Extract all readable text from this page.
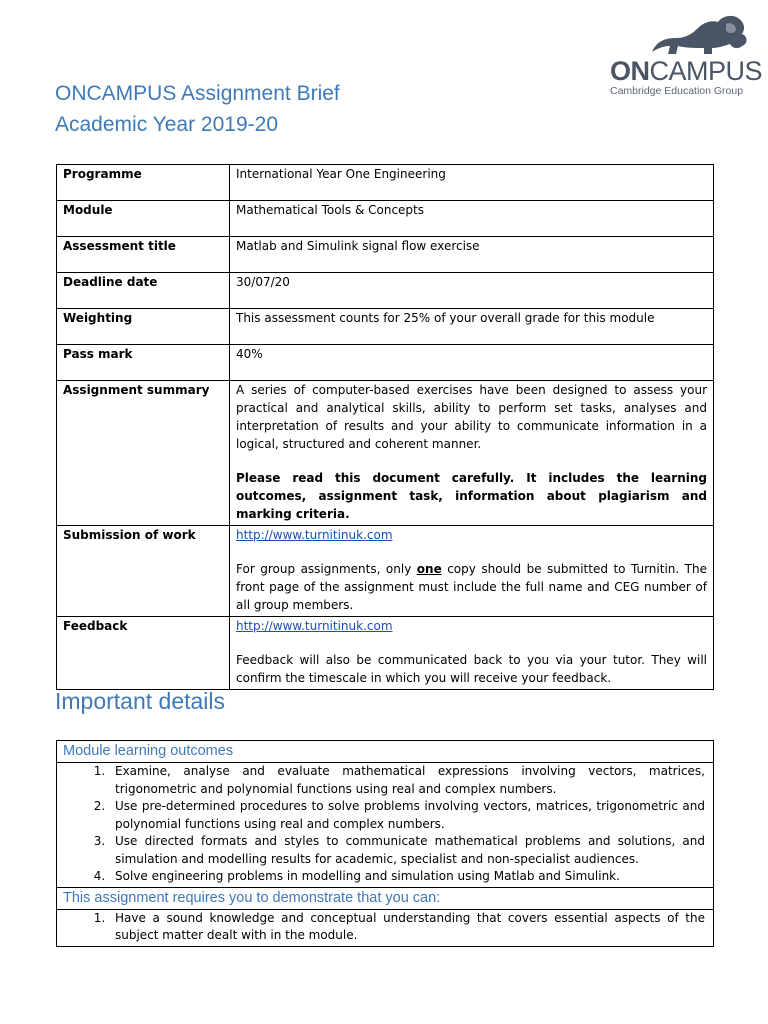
ONCAMPUS
Cambridge Education Group
ONCAMPUS Assignment Brief
Academic Year 2019-20
Programme	International Year One Engineering
Module	Mathematical Tools & Concepts
Assessment title	Matlab and Simulink signal flow exercise
Deadline date	30/07/20
Weighting	This assessment counts for 25% of your overall grade for this module
Pass mark	40%
Assignment summary	A series of computer-based exercises have been designed to assess your practical and analytical skills, ability to perform set tasks, analyses and interpretation of results and your ability to communicate information in a logical, structured and coherent manner.
Please read this document carefully. It includes the learning outcomes, assignment task, information about plagiarism and marking criteria.

Submission of work	http://www.turnitinuk.com
For group assignments, only one copy should be submitted to Turnitin. The front page of the assignment must include the full name and CEG number of all group members.

Feedback	http://www.turnitinuk.com
Feedback will also be communicated back to you via your tutor. They will confirm the timescale in which you will receive your feedback.
Important details
Module learning outcomes

1. Examine, analyse and evaluate mathematical expressions involving vectors, matrices, trigonometric and polynomial functions using real and complex numbers.
2. Use pre-determined procedures to solve problems involving vectors, matrices, trigonometric and polynomial functions using real and complex numbers.
3. Use directed formats and styles to communicate mathematical problems and solutions, and simulation and modelling results for academic, specialist and non-specialist audiences.
4. Solve engineering problems in modelling and simulation using Matlab and Simulink.

This assignment requires you to demonstrate that you can:

1. Have a sound knowledge and conceptual understanding that covers essential aspects of the subject matter dealt with in the module.
